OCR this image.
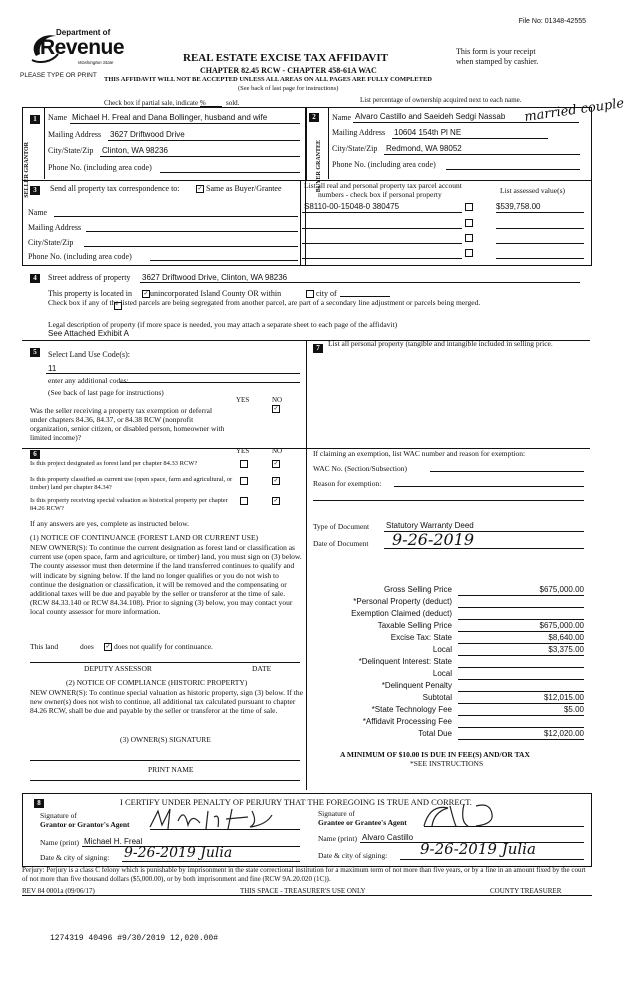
File No: 01348-42555
Department of
Revenue
Washington State
PLEASE TYPE OR PRINT
REAL ESTATE EXCISE TAX AFFIDAVIT
CHAPTER 82.45 RCW - CHAPTER 458-61A WAC
This form is your receipt
when stamped by cashier.
THIS AFFIDAVIT WILL NOT BE ACCEPTED UNLESS ALL AREAS ON ALL PAGES ARE FULLY COMPLETED
(See back of last page for instructions)
Check box if partial sale, indicate %	sold.	List percentage of ownership acquired next to each name.
1	2
SELLER GRANTOR	BUYER GRANTEE
Name Michael H. Freal and Dana Bollinger, husband and wife
Mailing Address 3627 Driftwood Drive
City/State/Zip Clinton, WA 98236
Phone No. (including area code)
Name Alvaro Castillo and Saeideh Sedgi Nassab married couple
Mailing Address 10604 154th Pl NE
City/State/Zip Redmond, WA 98052
Phone No. (including area code)
3	Send all property tax correspondence to:	✓ Same as Buyer/Grantee
Name
Mailing Address
City/State/Zip
Phone No. (including area code)
List all real and personal property tax parcel account
numbers - check box if personal property	List assessed value(s)
S8110-00-15048-0 380475	$539,758.00
4	Street address of property 3627 Driftwood Drive, Clinton, WA 98236
This property is located in ✓ unincorporated Island County OR within	city of
Check box if any of the listed parcels are being segregated from another parcel, are part of a secondary line adjustment or parcels being merged.
Legal description of property (if more space is needed, you may attach a separate sheet to each page of the affidavit)
See Attached Exhibit A
5	Select Land Use Code(s):
11
enter any additional codes:
(See back of last page for instructions)
YES	NO
Was the seller receiving a property tax exemption or deferral under chapters 84.36, 84.37, or 84.38 RCW (nonprofit organization, senior citizen, or disabled person, homeowner with limited income)?
✓
6	YES	NO
Is this project designated as forest land per chapter 84.33 RCW?	✓
Is this property classified as current use (open space, farm and agricultural, or timber) land per chapter 84.34?
✓
Is this property receiving special valuation as historical property per chapter 84.26 RCW?
✓
If any answers are yes, complete as instructed below.
(1) NOTICE OF CONTINUANCE (FOREST LAND OR CURRENT USE)
NEW OWNER(S): To continue the current designation as forest land or classification as current use (open space, farm and agriculture, or timber) land, you must sign on (3) below. The county assessor must then determine if the land transferred continues to qualify and will indicate by signing below. If the land no longer qualifies or you do not wish to continue the designation or classification, it will be removed and the compensating or additional taxes will be due and payable by the seller or transferor at the time of sale. (RCW 84.33.140 or RCW 84.34.108). Prior to signing (3) below, you may contact your local county assessor for more information.
This land	does ✓ does not qualify for continuance.
DEPUTY ASSESSOR	DATE
(2) NOTICE OF COMPLIANCE (HISTORIC PROPERTY)
NEW OWNER(S): To continue special valuation as historic property, sign (3) below. If the new owner(s) does not wish to continue, all additional tax calculated pursuant to chapter 84.26 RCW, shall be due and payable by the seller or transferor at the time of sale.
(3) OWNER(S) SIGNATURE
PRINT NAME
7	List all personal property (tangible and intangible included in selling price.
If claiming an exemption, list WAC number and reason for exemption:
WAC No. (Section/Subsection)
Reason for exemption:
Type of Document Statutory Warranty Deed
Date of Document 9-26-2019
Gross Selling Price	$675,000.00
*Personal Property (deduct)
Exemption Claimed (deduct)
Taxable Selling Price	$675,000.00
Excise Tax: State	$8,640.00
Local	$3,375.00
*Delinquent Interest: State
Local
*Delinquent Penalty
Subtotal	$12,015.00
*State Technology Fee	$5.00
*Affidavit Processing Fee
Total Due	$12,020.00
A MINIMUM OF $10.00 IS DUE IN FEE(S) AND/OR TAX
*SEE INSTRUCTIONS
8	I CERTIFY UNDER PENALTY OF PERJURY THAT THE FOREGOING IS TRUE AND CORRECT.
Signature of
Grantor or Grantor's Agent
Signature of
Grantee or Grantee's Agent
Name (print) Michael H. Freal	Name (print) Alvaro Castillo
Date & city of signing: 9-26-2019 Julia	Date & city of signing: 9-26-2019 Julia
Perjury: Perjury is a class C felony which is punishable by imprisonment in the state correctional institution for a maximum term of not more than five years, or by a fine in an amount fixed by the court of not more than five thousand dollars ($5,000.00), or by both imprisonment and fine (RCW 9A.20.020 (1C)).
REV 84 0001a (09/06/17)	THIS SPACE - TREASURER'S USE ONLY	COUNTY TREASURER
1274319 40496 #9/30/2019 12,020.00#
